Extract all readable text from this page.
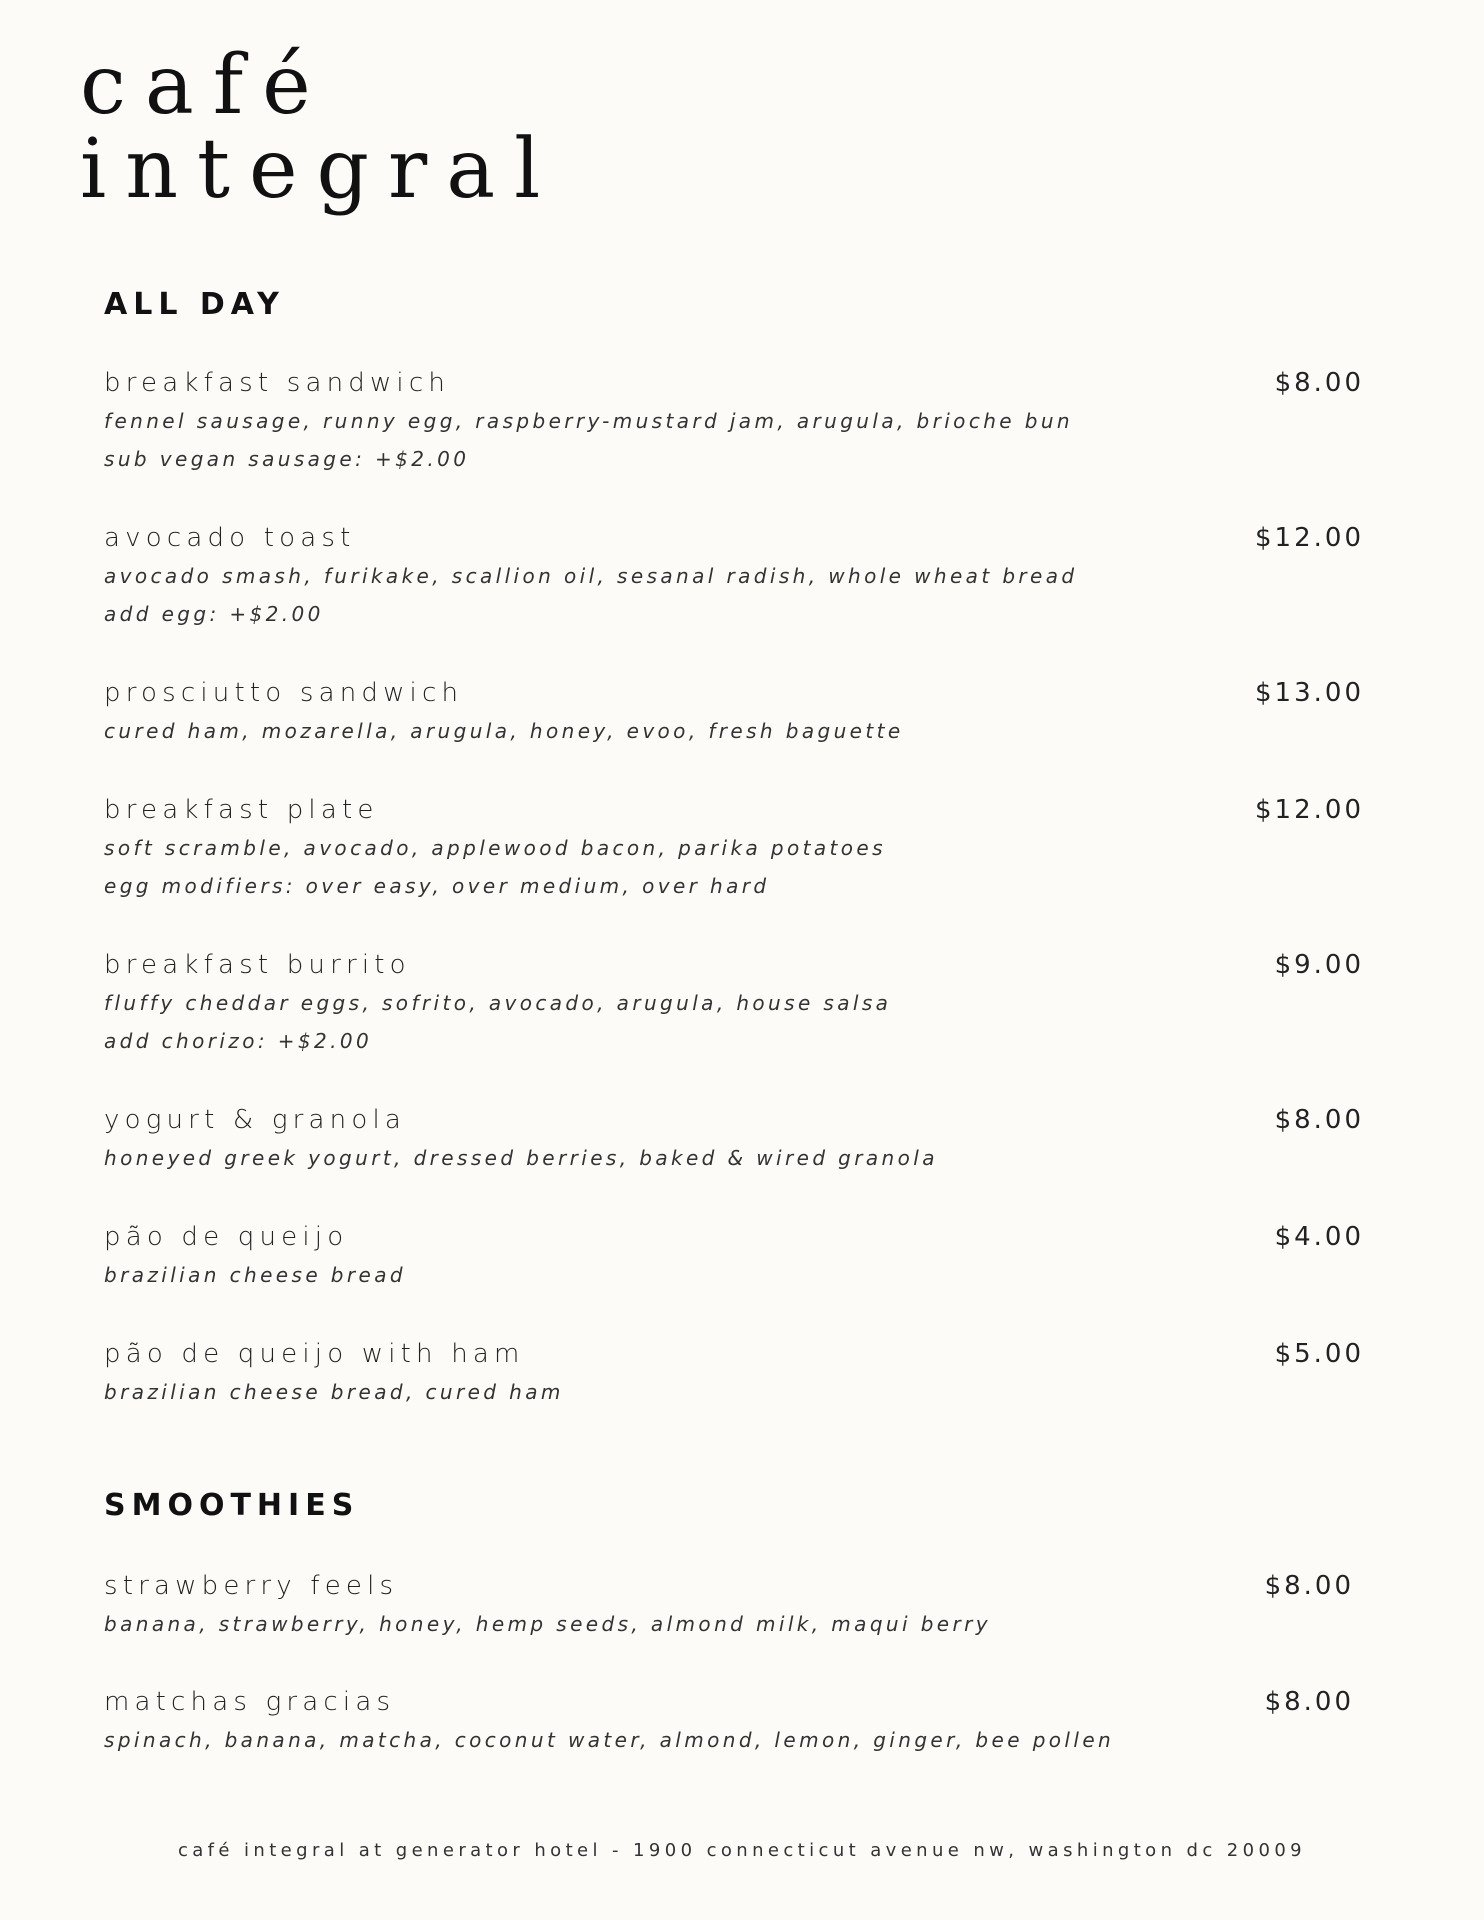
café
integral
ALL DAY
breakfast sandwich	$8.00
fennel sausage, runny egg, raspberry-mustard jam, arugula, brioche bun
sub vegan sausage: +$2.00
avocado toast	$12.00
avocado smash, furikake, scallion oil, sesanal radish, whole wheat bread
add egg: +$2.00
prosciutto sandwich	$13.00
cured ham, mozarella, arugula, honey, evoo, fresh baguette
breakfast plate	$12.00
soft scramble, avocado, applewood bacon, parika potatoes
egg modifiers: over easy, over medium, over hard
breakfast burrito	$9.00
fluffy cheddar eggs, sofrito, avocado, arugula, house salsa
add chorizo: +$2.00
yogurt & granola	$8.00
honeyed greek yogurt, dressed berries, baked & wired granola
pão de queijo	$4.00
brazilian cheese bread
pão de queijo with ham	$5.00
brazilian cheese bread, cured ham
SMOOTHIES
strawberry feels	$8.00
banana, strawberry, honey, hemp seeds, almond milk, maqui berry
matchas gracias	$8.00
spinach, banana, matcha, coconut water, almond, lemon, ginger, bee pollen
café integral at generator hotel - 1900 connecticut avenue nw, washington dc 20009
